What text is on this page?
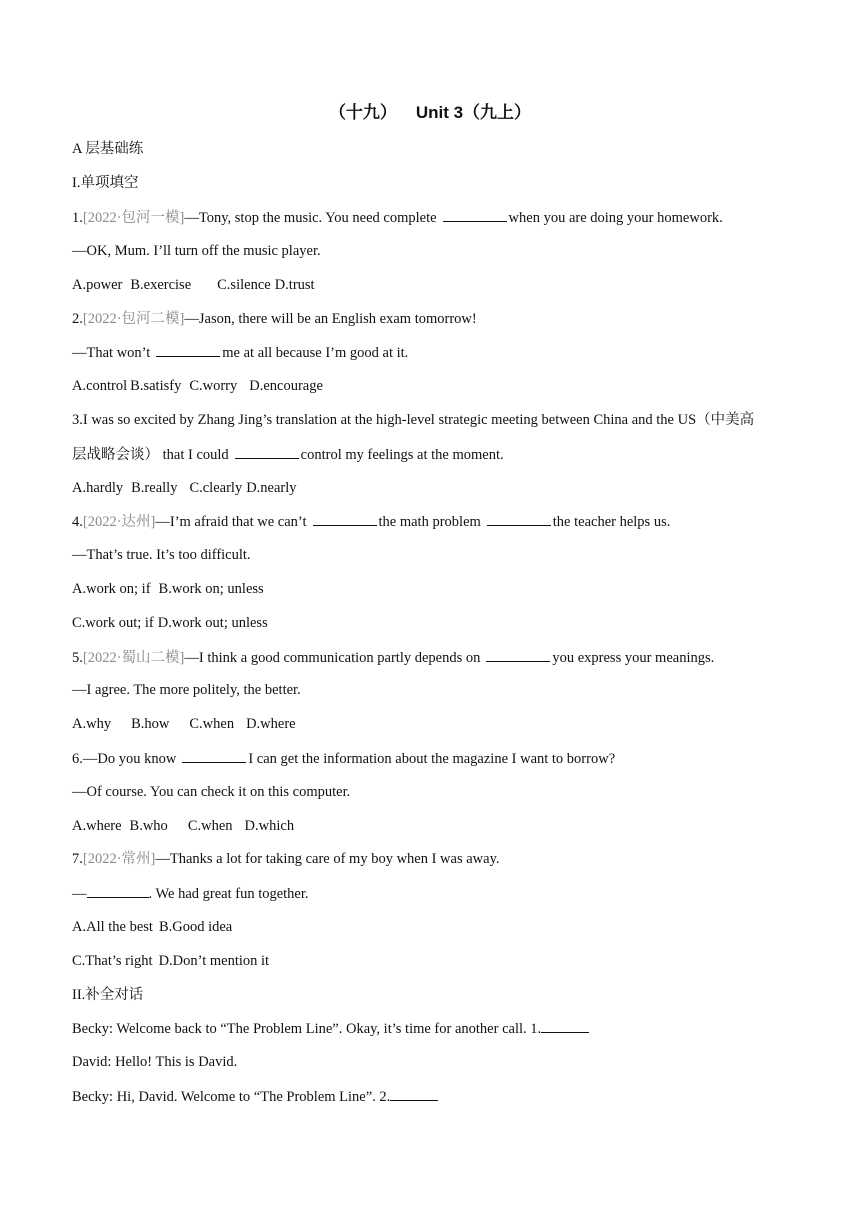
（十九）    Unit 3（九上）
A 层基础练
I.单项填空
1.[2022·包河一模]—Tony, stop the music. You need complete	when you are doing your homework.
—OK, Mum. I’ll turn off the music player.
A.power B.exercise C.silence D.trust
2.[2022·包河二模]—Jason, there will be an English exam tomorrow!
—That won’t	me at all because I’m good at it.
A.control B.satisfy C.worry D.encourage
3.I was so excited by Zhang Jing’s translation at the high-level strategic meeting between China and the US（中美高
层战略会谈） that I could	control my feelings at the moment.
A.hardly B.really C.clearly D.nearly
4.[2022·达州]—I’m afraid that we can’t	the math problem	the teacher helps us.
—That’s true. It’s too difficult.
A.work on; if B.work on; unless
C.work out; if D.work out; unless
5.[2022·蜀山二模]—I think a good communication partly depends on	you express your meanings.
—I agree. The more politely, the better.
A.why B.how C.when D.where
6.—Do you know	I can get the information about the magazine I want to borrow?
—Of course. You can check it on this computer.
A.where B.who C.when D.which
7.[2022·常州]—Thanks a lot for taking care of my boy when I was away.
—	. We had great fun together.
A.All the best B.Good idea
C.That’s right D.Don’t mention it
II.补全对话
Becky: Welcome back to “The Problem Line”. Okay, it’s time for another call. 1.
David: Hello! This is David.
Becky: Hi, David. Welcome to “The Problem Line”. 2.
